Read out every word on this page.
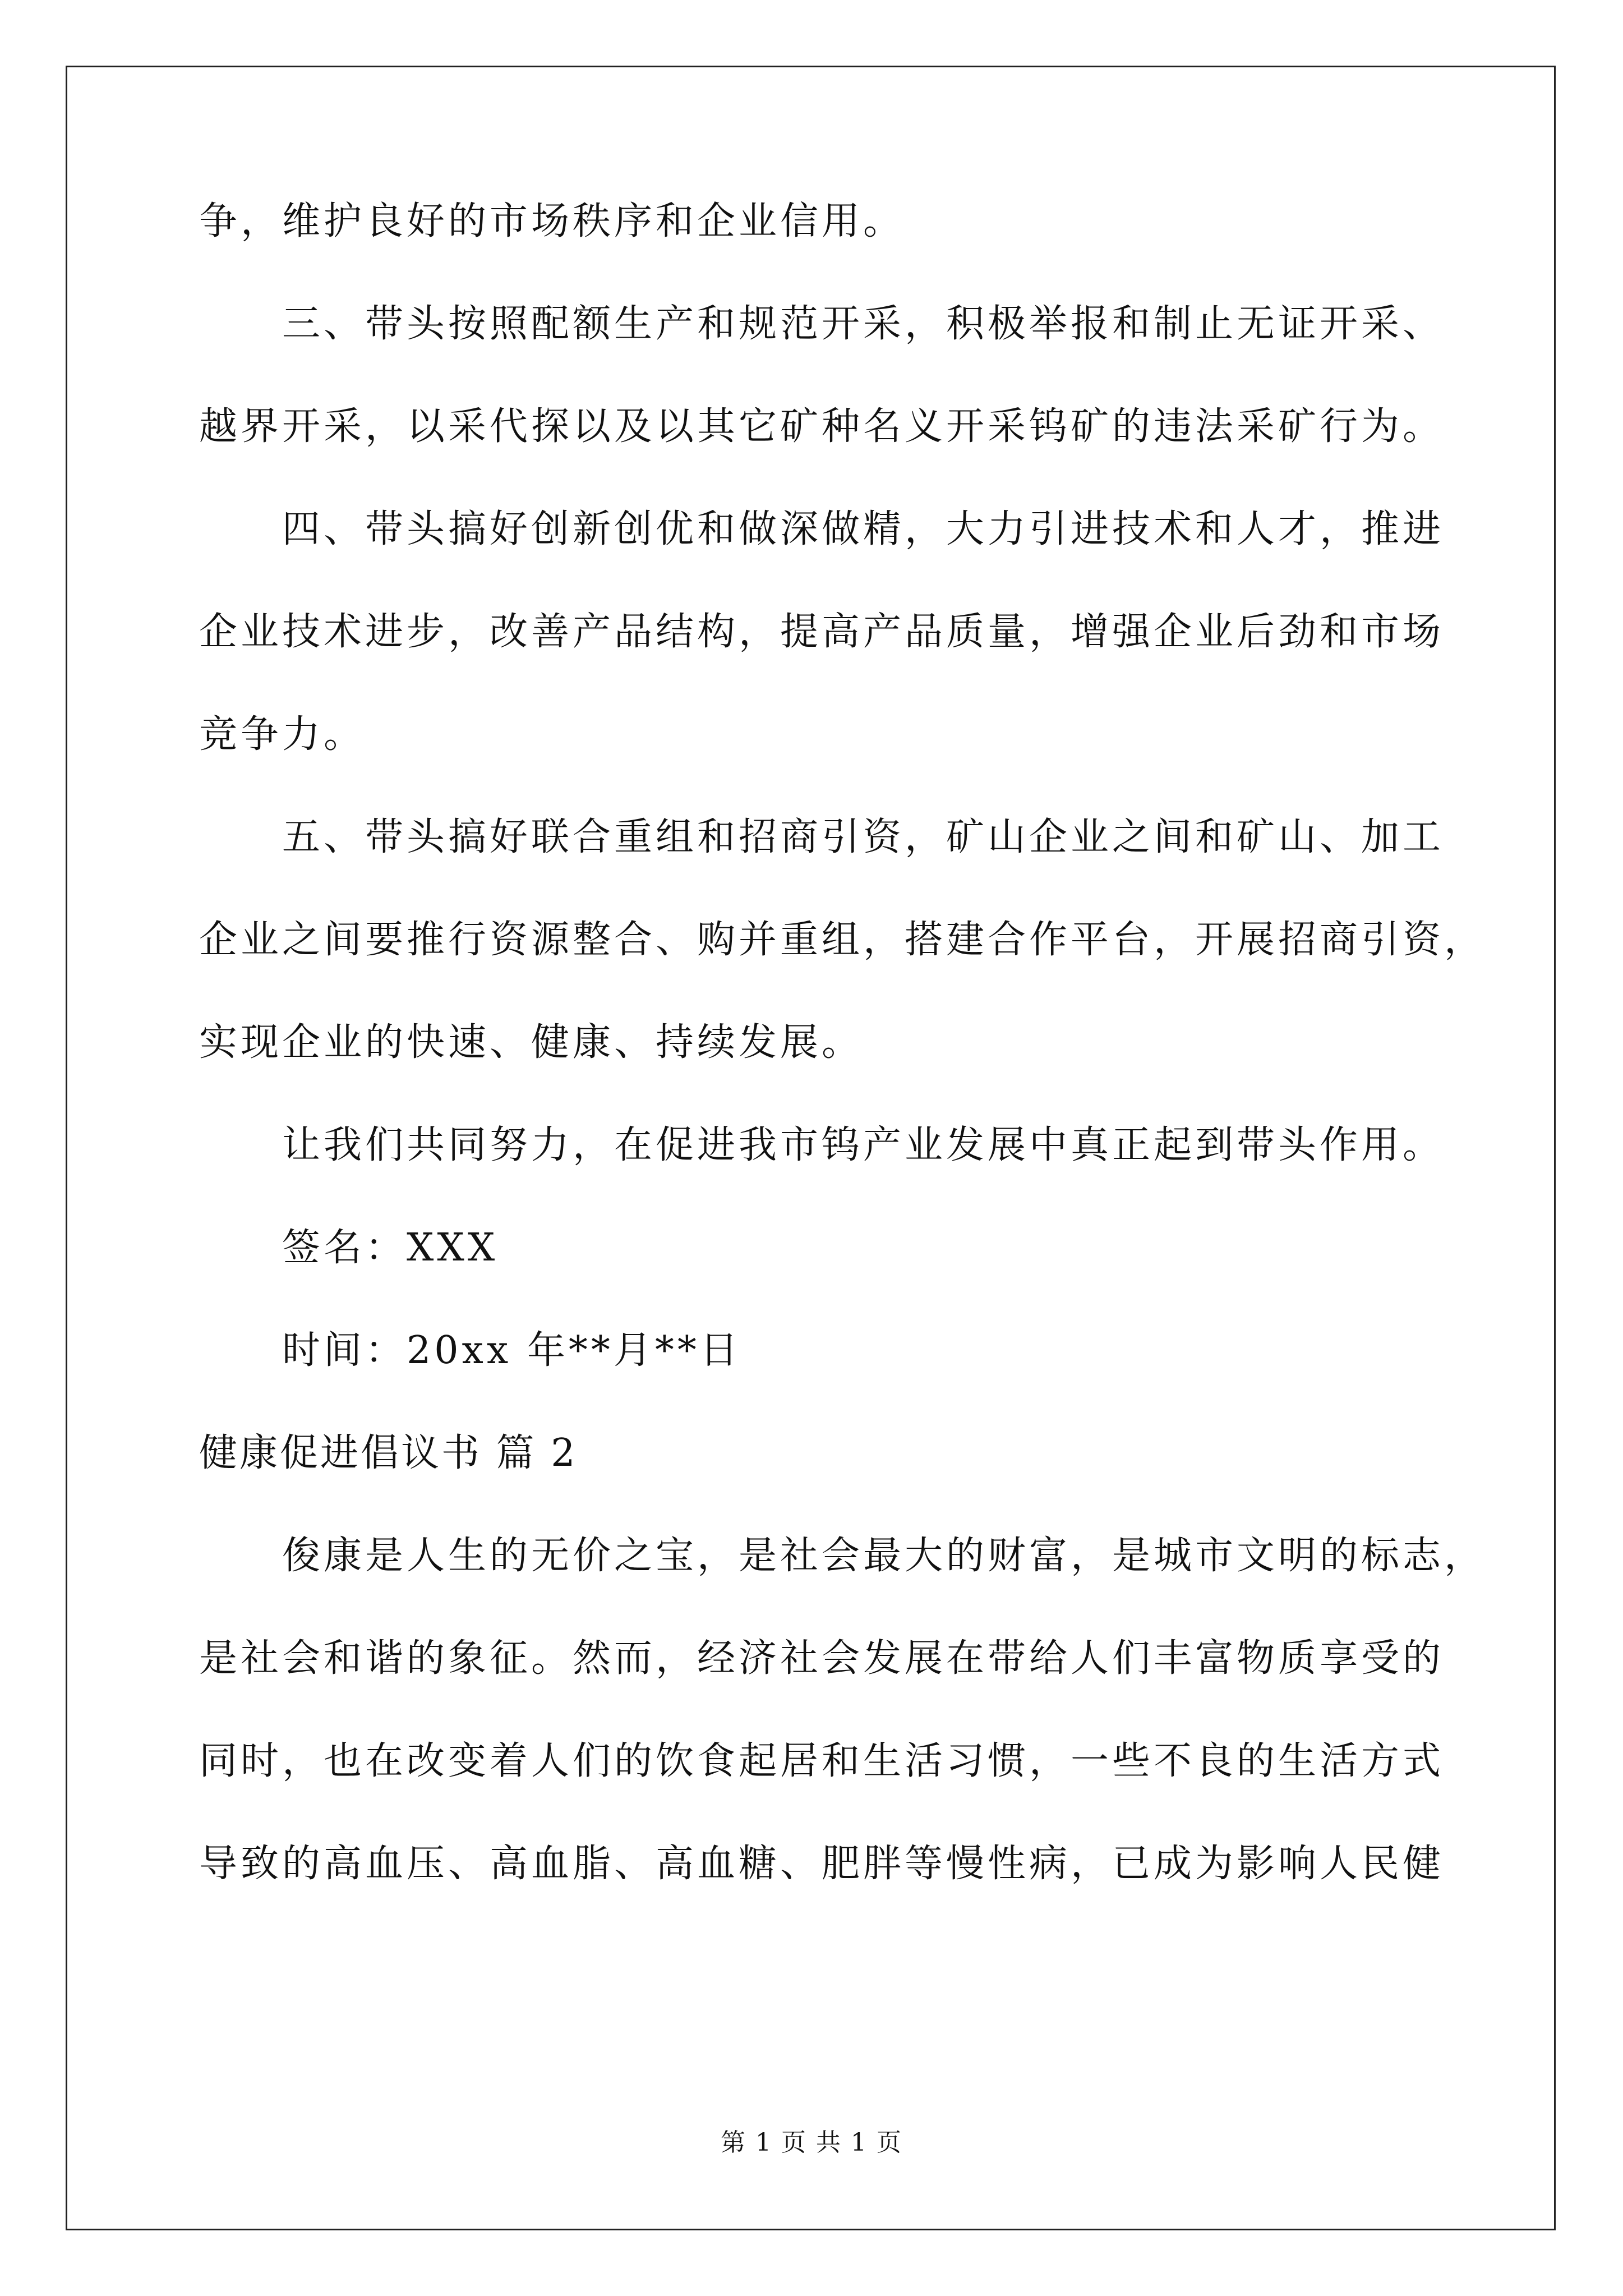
争，维护良好的市场秩序和企业信用。
三、带头按照配额生产和规范开采，积极举报和制止无证开采、
越界开采，以采代探以及以其它矿种名义开采钨矿的违法采矿行为。
四、带头搞好创新创优和做深做精，大力引进技术和人才，推进
企业技术进步，改善产品结构，提高产品质量，增强企业后劲和市场
竞争力。
五、带头搞好联合重组和招商引资，矿山企业之间和矿山、加工
企业之间要推行资源整合、购并重组，搭建合作平台，开展招商引资，
实现企业的快速、健康、持续发展。
让我们共同努力，在促进我市钨产业发展中真正起到带头作用。
签名：XXX
时间：20xx 年**月**日
健康促进倡议书 篇 2
俊康是人生的无价之宝，是社会最大的财富，是城市文明的标志，
是社会和谐的象征。然而，经济社会发展在带给人们丰富物质享受的
同时，也在改变着人们的饮食起居和生活习惯，一些不良的生活方式
导致的高血压、高血脂、高血糖、肥胖等慢性病，已成为影响人民健
第 1 页 共 1 页
